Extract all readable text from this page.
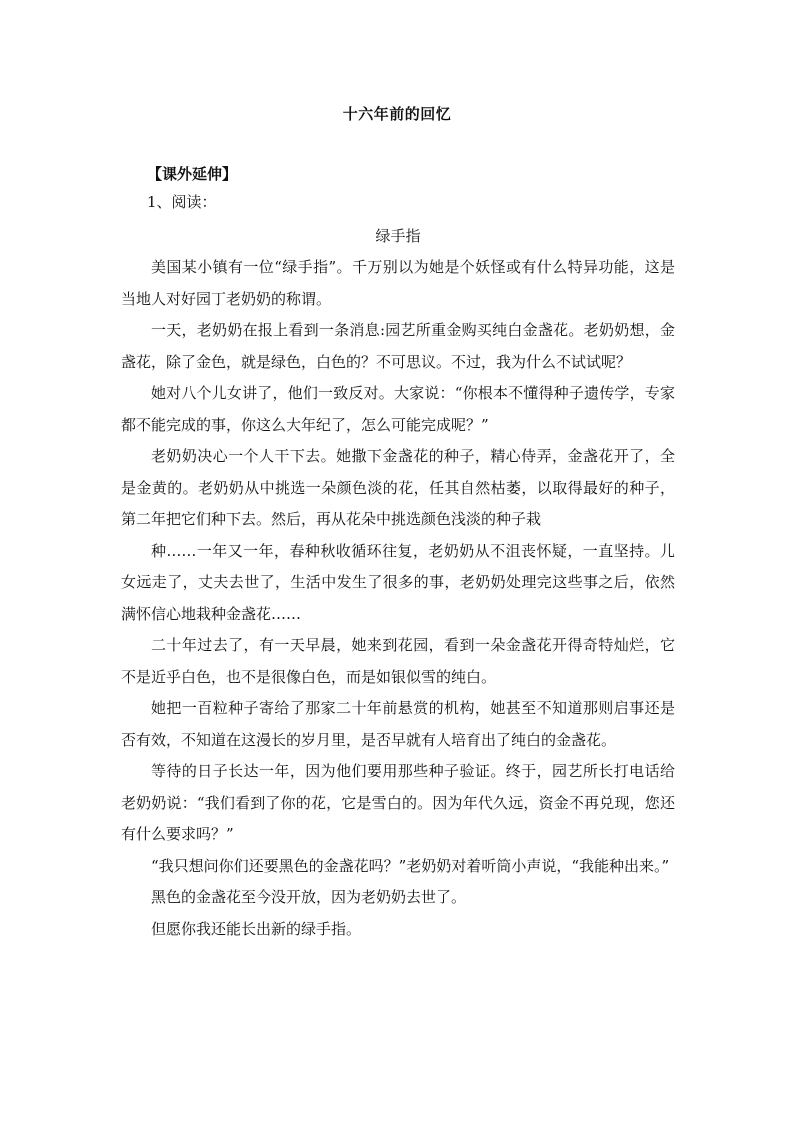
十六年前的回忆

【课外延伸】

1、阅读：

绿手指

美国某小镇有一位“绿手指”。千万别以为她是个妖怪或有什么特异功能，这是当地人对好园丁老奶奶的称谓。

一天，老奶奶在报上看到一条消息:园艺所重金购买纯白金盏花。老奶奶想，金盏花，除了金色，就是绿色，白色的？不可思议。不过，我为什么不试试呢？

她对八个儿女讲了，他们一致反对。大家说：“你根本不懂得种子遗传学，专家都不能完成的事，你这么大年纪了，怎么可能完成呢？”

老奶奶决心一个人干下去。她撒下金盏花的种子，精心侍弄，金盏花开了，全是金黄的。老奶奶从中挑选一朵颜色淡的花，任其自然枯萎，以取得最好的种子，第二年把它们种下去。然后，再从花朵中挑选颜色浅淡的种子栽

种……一年又一年，春种秋收循环往复，老奶奶从不沮丧怀疑，一直坚持。儿女远走了，丈夫去世了，生活中发生了很多的事，老奶奶处理完这些事之后，依然满怀信心地栽种金盏花……

二十年过去了，有一天早晨，她来到花园，看到一朵金盏花开得奇特灿烂，它不是近乎白色，也不是很像白色，而是如银似雪的纯白。

她把一百粒种子寄给了那家二十年前悬赏的机构，她甚至不知道那则启事还是否有效，不知道在这漫长的岁月里，是否早就有人培育出了纯白的金盏花。

等待的日子长达一年，因为他们要用那些种子验证。终于，园艺所长打电话给老奶奶说：“我们看到了你的花，它是雪白的。因为年代久远，资金不再兑现，您还有什么要求吗？”

“我只想问你们还要黑色的金盏花吗？”老奶奶对着听筒小声说，“我能种出来。”

黑色的金盏花至今没开放，因为老奶奶去世了。

但愿你我还能长出新的绿手指。
